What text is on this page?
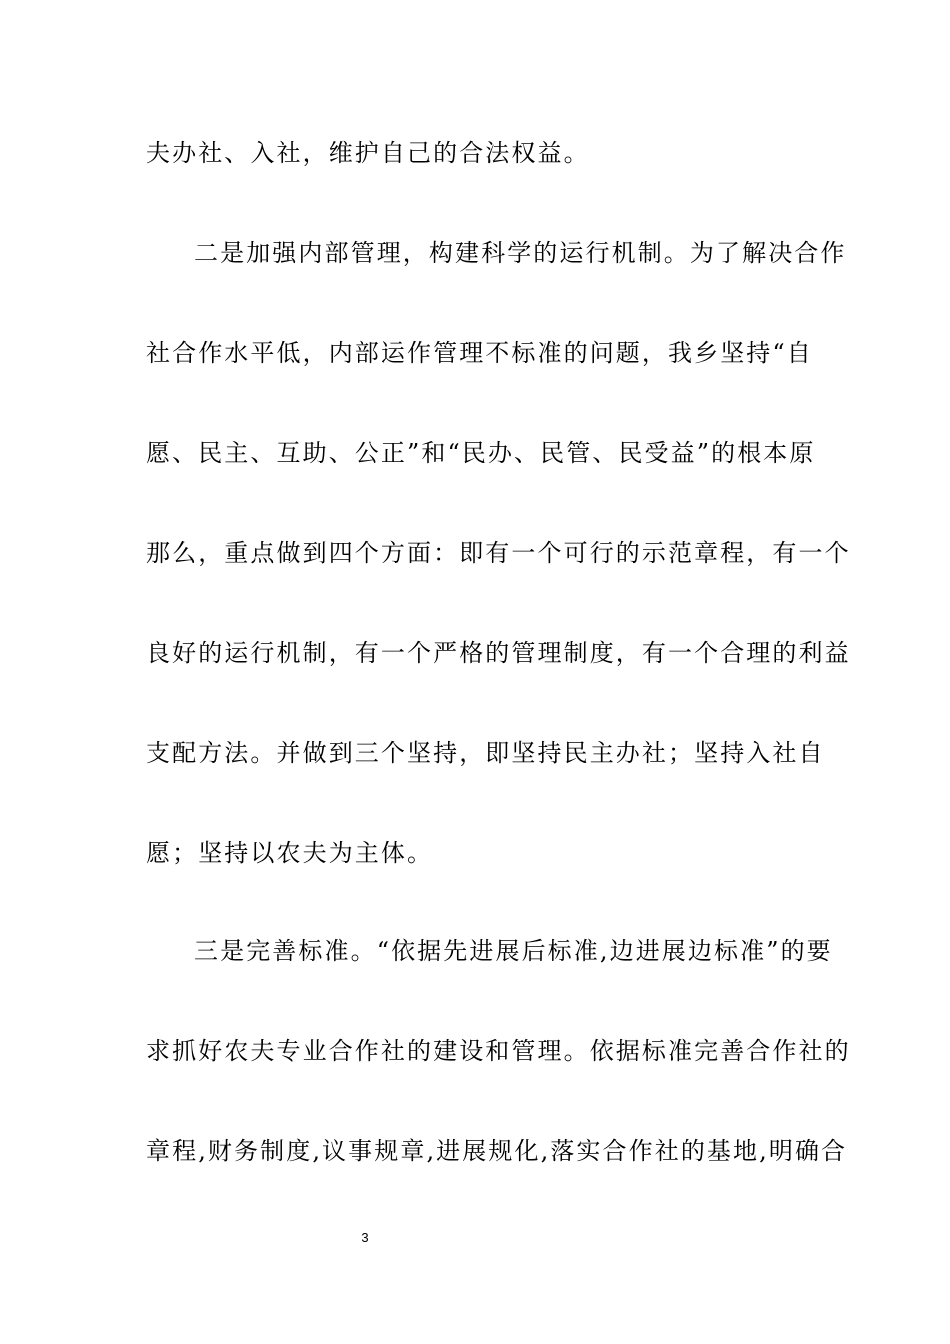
夫办社、入社，维护自己的合法权益。
二是加强内部管理，构建科学的运行机制。为了解决合作
社合作水平低，内部运作管理不标准的问题，我乡坚持“自
愿、民主、互助、公正”和“民办、民管、民受益”的根本原
那么，重点做到四个方面：即有一个可行的示范章程，有一个
良好的运行机制，有一个严格的管理制度，有一个合理的利益
支配方法。并做到三个坚持，即坚持民主办社；坚持入社自
愿；坚持以农夫为主体。
三是完善标准。“依据先进展后标准,边进展边标准”的要
求抓好农夫专业合作社的建设和管理。依据标准完善合作社的
章程,财务制度,议事规章,进展规化,落实合作社的基地,明确合
3
